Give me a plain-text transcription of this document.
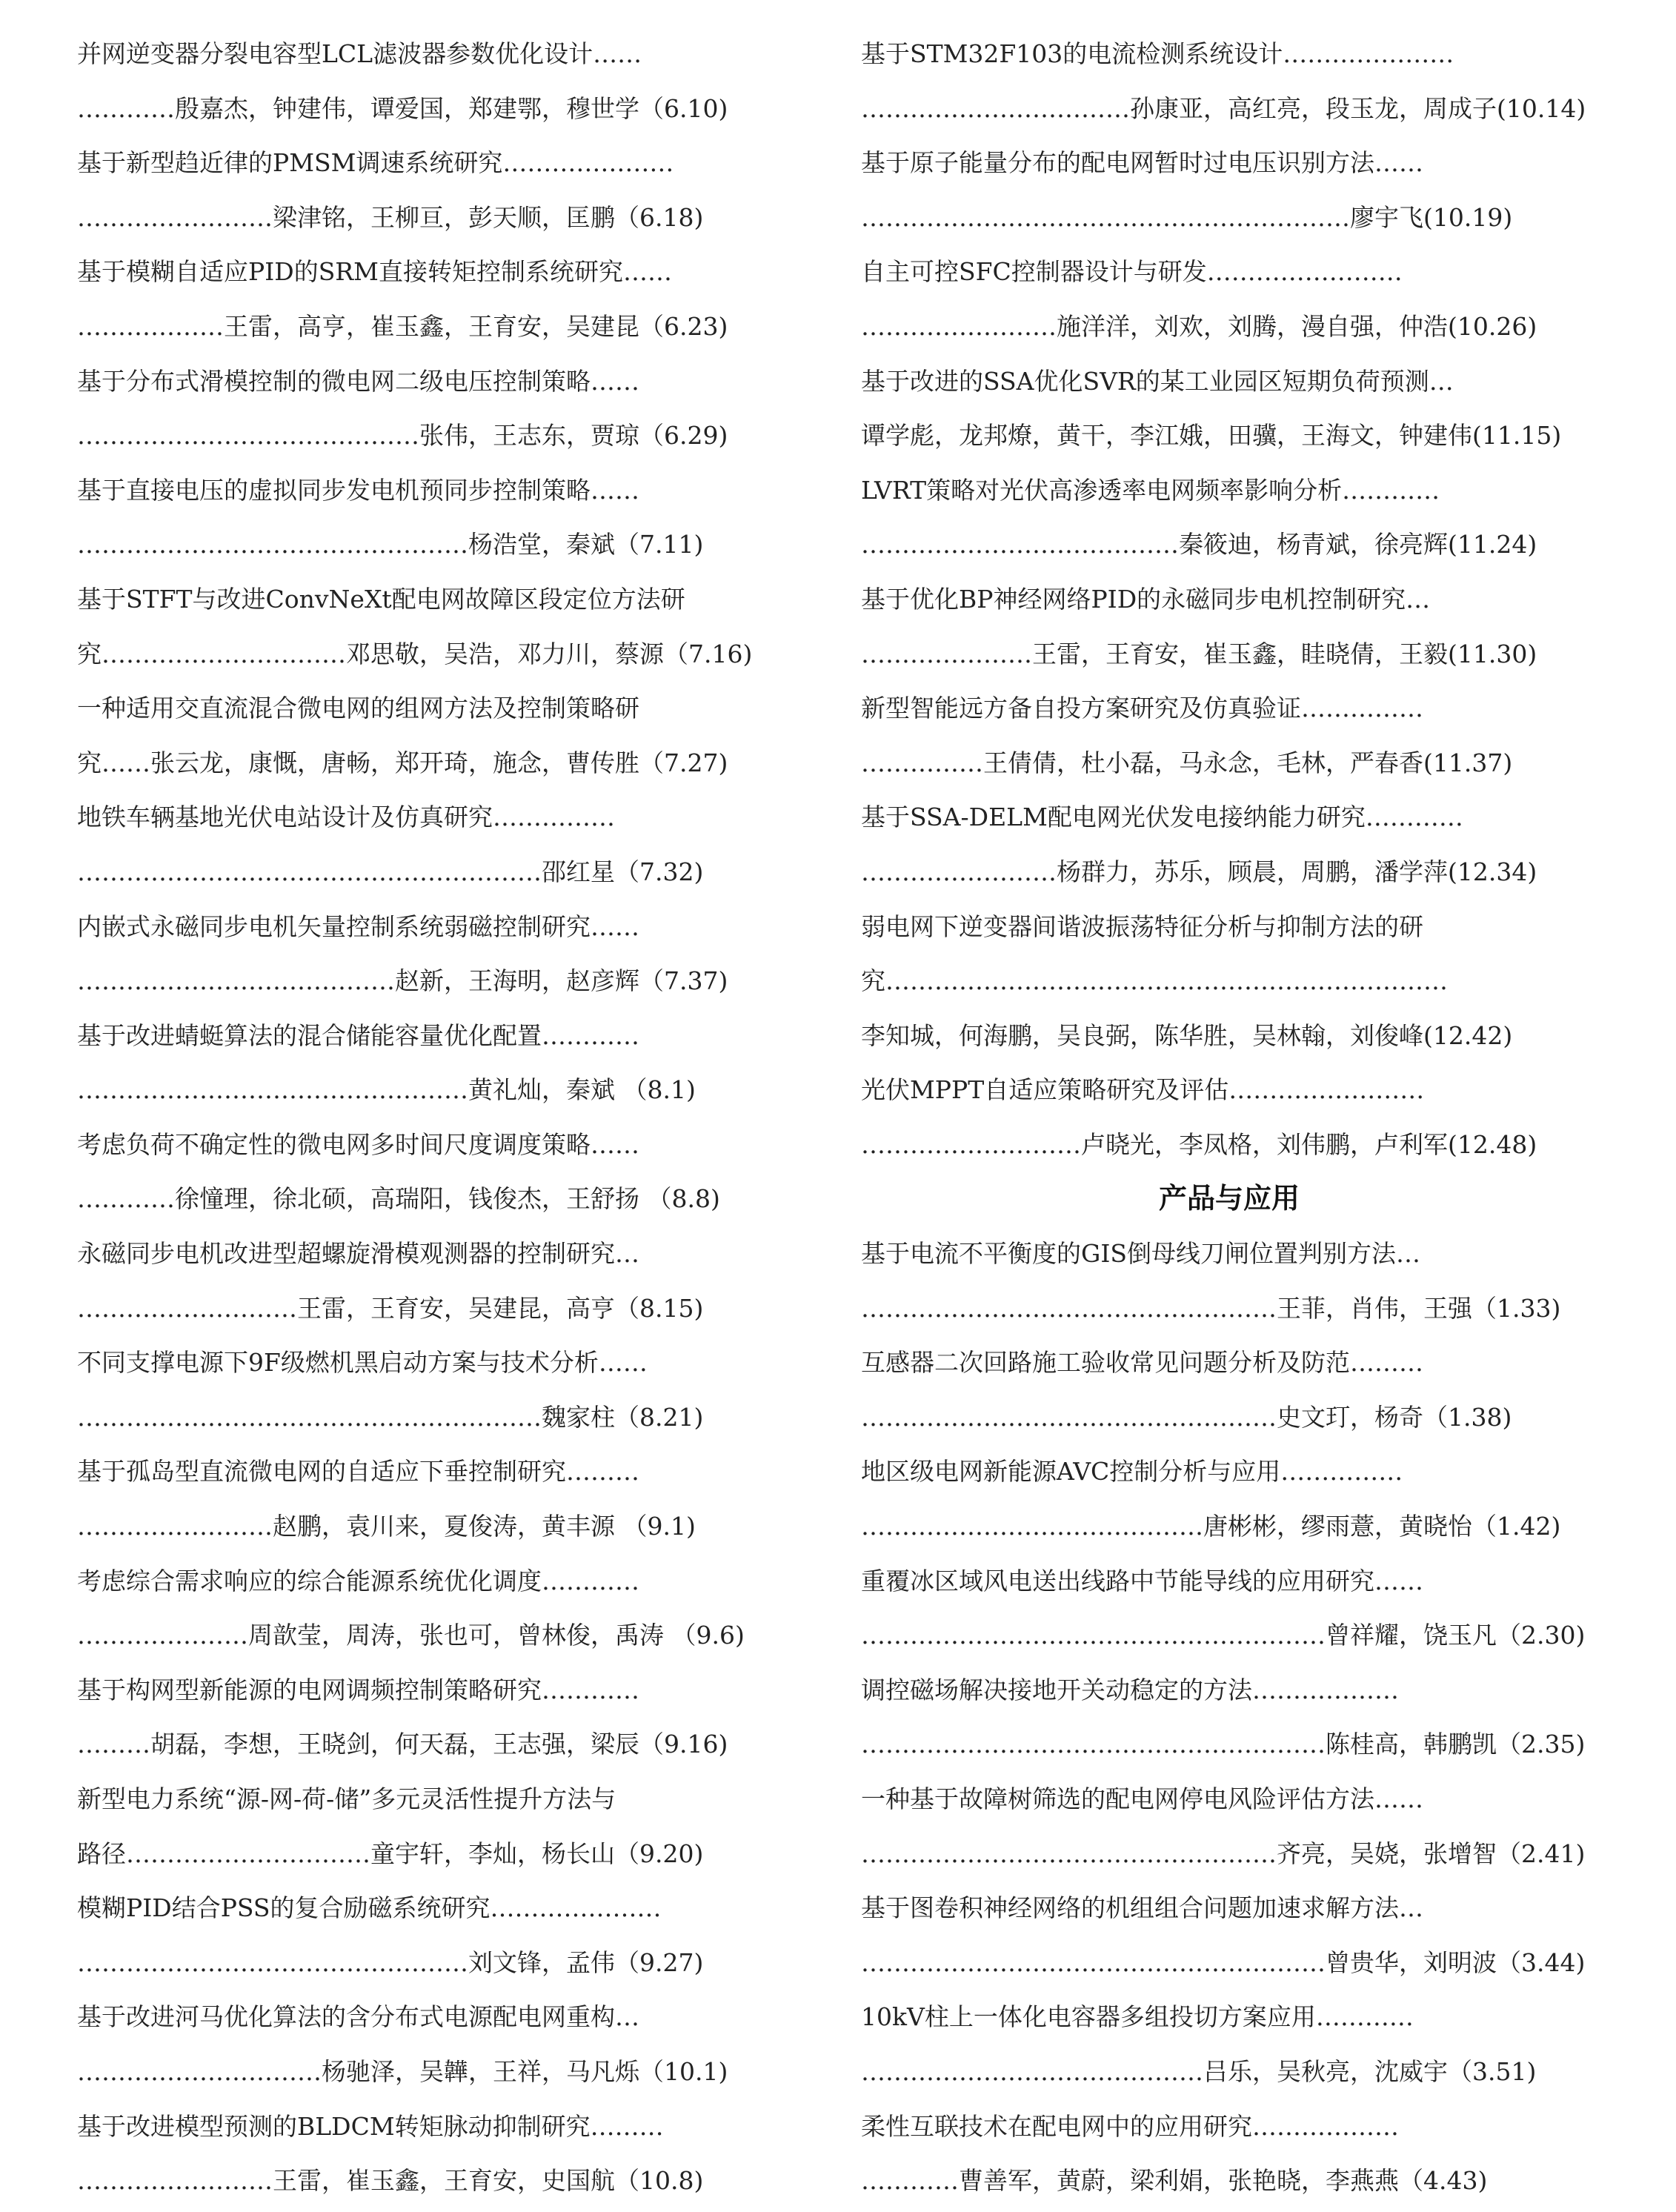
并网逆变器分裂电容型LCL滤波器参数优化设计……
…………殷嘉杰，钟建伟，谭爱国，郑建鄂，穆世学（6.10)
基于新型趋近律的PMSM调速系统研究…………………
……………………梁津铭，王柳亘，彭天顺，匡鹏（6.18)
基于模糊自适应PID的SRM直接转矩控制系统研究……
………………王雷，高亨，崔玉鑫，王育安，吴建昆（6.23)
基于分布式滑模控制的微电网二级电压控制策略……
……………………………………张伟，王志东，贾琼（6.29)
基于直接电压的虚拟同步发电机预同步控制策略……
…………………………………………杨浩堂，秦斌（7.11)
基于STFT与改进ConvNeXt配电网故障区段定位方法研
究…………………………邓思敬，吴浩，邓力川，蔡源（7.16)
一种适用交直流混合微电网的组网方法及控制策略研
究……张云龙，康慨，唐畅，郑开琦，施念，曹传胜（7.27)
地铁车辆基地光伏电站设计及仿真研究……………
…………………………………………………邵红星（7.32)
内嵌式永磁同步电机矢量控制系统弱磁控制研究……
…………………………………赵新，王海明，赵彦辉（7.37)
基于改进蜻蜓算法的混合储能容量优化配置…………
…………………………………………黄礼灿，秦斌 （8.1)
考虑负荷不确定性的微电网多时间尺度调度策略……
…………徐憧理，徐北硕，高瑞阳，钱俊杰，王舒扬 （8.8)
永磁同步电机改进型超螺旋滑模观测器的控制研究…
………………………王雷，王育安，吴建昆，高亨（8.15)
不同支撑电源下9F级燃机黑启动方案与技术分析……
…………………………………………………魏家柱（8.21)
基于孤岛型直流微电网的自适应下垂控制研究………
……………………赵鹏，袁川来，夏俊涛，黄丰源 （9.1)
考虑综合需求响应的综合能源系统优化调度…………
…………………周歆莹，周涛，张也可，曾林俊，禹涛 （9.6)
基于构网型新能源的电网调频控制策略研究…………
………胡磊，李想，王晓剑，何天磊，王志强，梁辰（9.16)
新型电力系统“源-网-荷-储”多元灵活性提升方法与
路径…………………………童宇轩，李灿，杨长山（9.20)
模糊PID结合PSS的复合励磁系统研究…………………
…………………………………………刘文锋，孟伟（9.27)
基于改进河马优化算法的含分布式电源配电网重构…
…………………………杨驰泽，吴韡，王祥，马凡烁（10.1)
基于改进模型预测的BLDCM转矩脉动抑制研究………
……………………王雷，崔玉鑫，王育安，史国航（10.8)
基于STM32F103的电流检测系统设计…………………
……………………………孙康亚，高红亮，段玉龙，周成子(10.14)
基于原子能量分布的配电网暂时过电压识别方法……
……………………………………………………廖宇飞(10.19)
自主可控SFC控制器设计与研发……………………
……………………施洋洋，刘欢，刘腾，漫自强，仲浩(10.26)
基于改进的SSA优化SVR的某工业园区短期负荷预测…
谭学彪，龙邦燎，黄干，李江娥，田骥，王海文，钟建伟(11.15)
LVRT策略对光伏高渗透率电网频率影响分析…………
…………………………………秦筱迪，杨青斌，徐亮辉(11.24)
基于优化BP神经网络PID的永磁同步电机控制研究…
…………………王雷，王育安，崔玉鑫，眭晓倩，王毅(11.30)
新型智能远方备自投方案研究及仿真验证……………
……………王倩倩，杜小磊，马永念，毛林，严春香(11.37)
基于SSA-DELM配电网光伏发电接纳能力研究…………
……………………杨群力，苏乐，顾晨，周鹏，潘学萍(12.34)
弱电网下逆变器间谐波振荡特征分析与抑制方法的研
究……………………………………………………………
李知城，何海鹏，吴良弼，陈华胜，吴林翰，刘俊峰(12.42)
光伏MPPT自适应策略研究及评估……………………
………………………卢晓光，李凤格，刘伟鹏，卢利军(12.48)
产品与应用
基于电流不平衡度的GIS倒母线刀闸位置判别方法…
……………………………………………王菲，肖伟，王强（1.33)
互感器二次回路施工验收常见问题分析及防范………
……………………………………………史文玎，杨奇（1.38)
地区级电网新能源AVC控制分析与应用……………
……………………………………唐彬彬，缪雨薏，黄晓怡（1.42)
重覆冰区域风电送出线路中节能导线的应用研究……
…………………………………………………曾祥耀，饶玉凡（2.30)
调控磁场解决接地开关动稳定的方法………………
…………………………………………………陈桂高，韩鹏凯（2.35)
一种基于故障树筛选的配电网停电风险评估方法……
……………………………………………齐亮，吴娆，张增智（2.41)
基于图卷积神经网络的机组组合问题加速求解方法…
…………………………………………………曾贵华，刘明波（3.44)
10kV柱上一体化电容器多组投切方案应用…………
……………………………………吕乐，吴秋亮，沈威宇（3.51)
柔性互联技术在配电网中的应用研究………………
…………曹善军，黄蔚，梁利娟，张艳晓，李燕燕（4.43)
